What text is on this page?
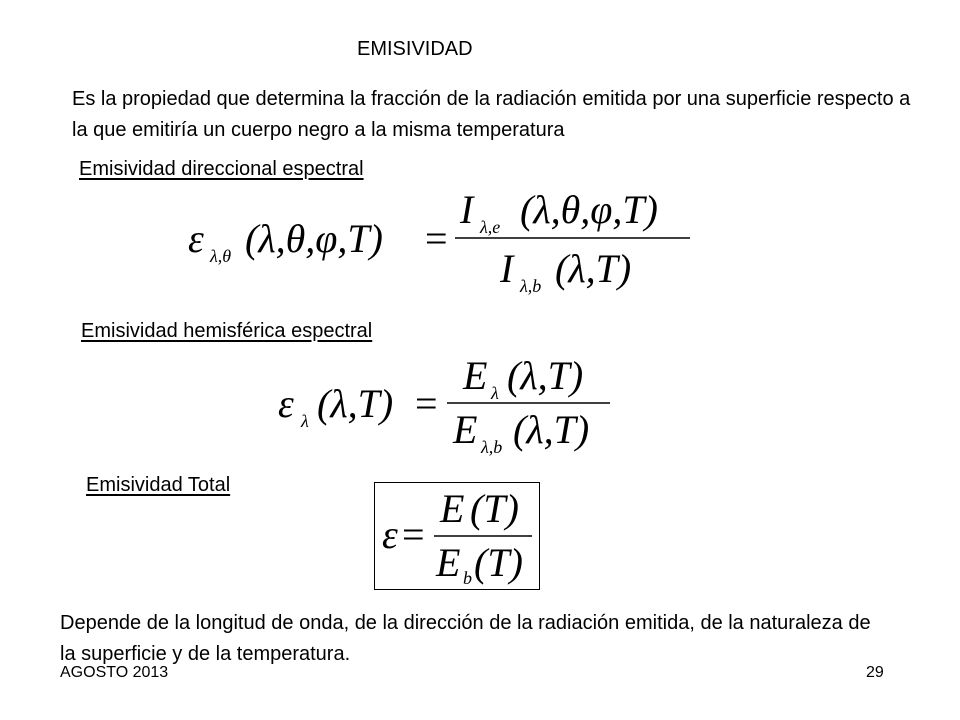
EMISIVIDAD
Es la propiedad que determina la fracción de la radiación emitida por una superficie respecto a la que emitiría un cuerpo negro a la misma temperatura
Emisividad direccional espectral
ε λ,θ (λ,θ,φ,T) =
I λ,e (λ,θ,φ,T)
I λ,b (λ,T)
Emisividad hemisférica espectral
ε λ (λ,T) =
E λ (λ,T)
E λ,b (λ,T)
Emisividad Total
ε =
E (T)
E b (T)
Depende de la longitud de onda, de la dirección de la radiación emitida, de la naturaleza de la superficie y de la temperatura.
AGOSTO 2013	29
